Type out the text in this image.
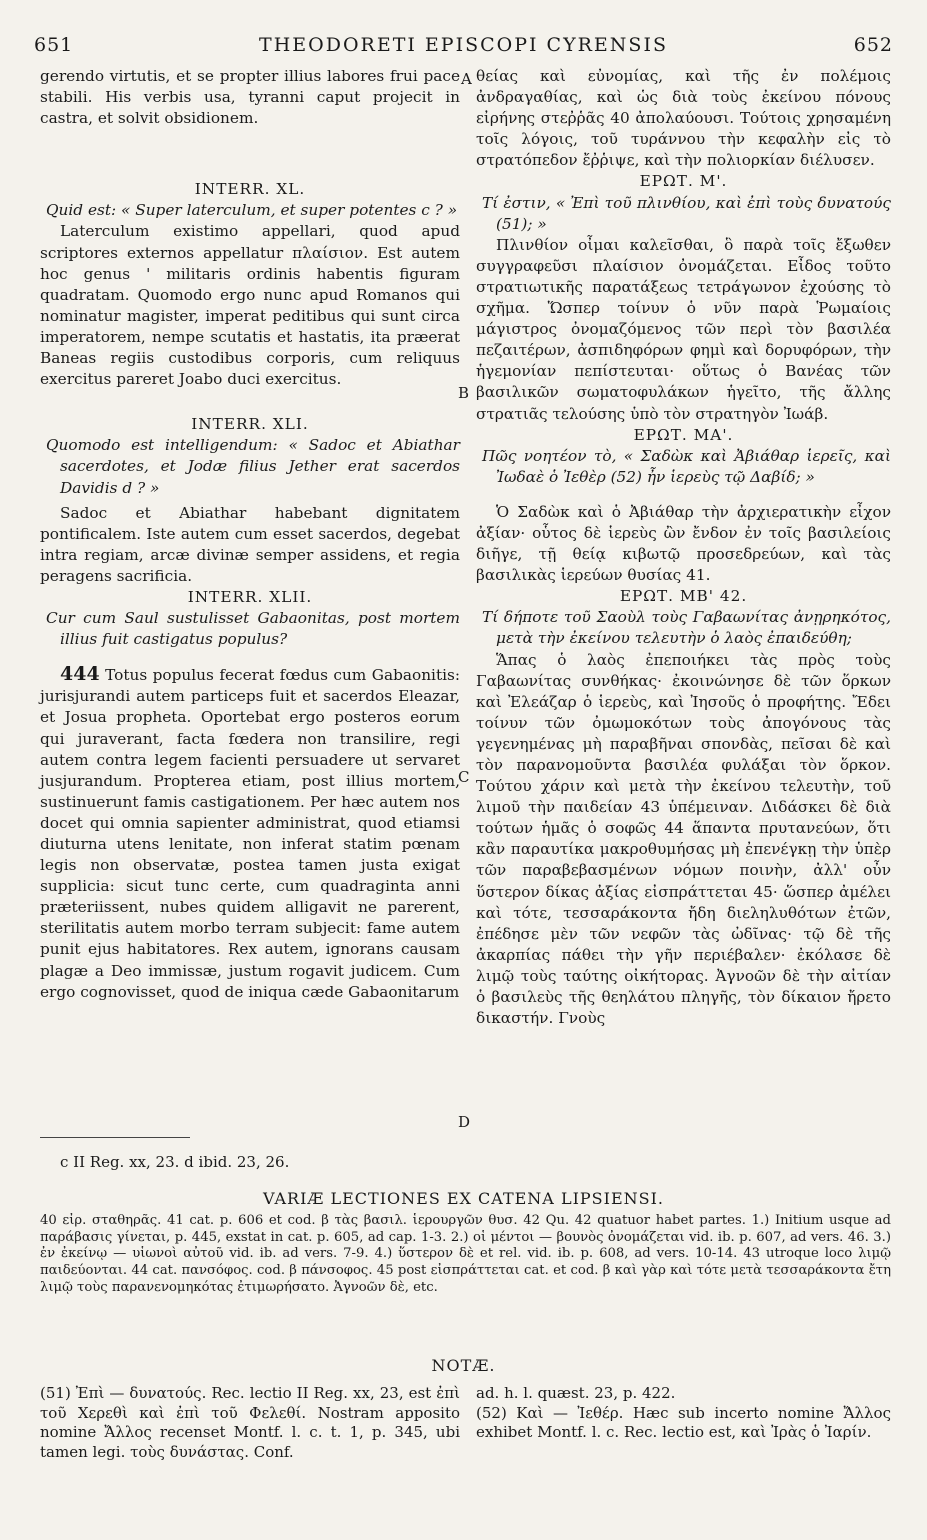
651	THEODORETI EPISCOPI CYRENSIS	652
A
B
C
D

gerendo virtutis, et se propter illius labores frui pace stabili. His verbis usa, tyranni caput projecit in castra, et solvit obsidionem.

INTERR. XL.

Quid est: « Super laterculum, et super potentes c ? »

Laterculum existimo appellari, quod apud scriptores externos appellatur πλαίσιον. Est autem hoc genus ' militaris ordinis habentis figuram quadratam. Quomodo ergo nunc apud Romanos qui nominatur magister, imperat peditibus qui sunt circa imperatorem, nempe scutatis et hastatis, ita præerat Baneas regiis custodibus corporis, cum reliquus exercitus pareret Joabo duci exercitus.

INTERR. XLI.

Quomodo est intelligendum: « Sadoc et Abiathar sacerdotes, et Jodæ filius Jether erat sacerdos Davidis d ? »

Sadoc et Abiathar habebant dignitatem pontificalem. Iste autem cum esset sacerdos, degebat intra regiam, arcæ divinæ semper assidens, et regia peragens sacrificia.

INTERR. XLII.

Cur cum Saul sustulisset Gabaonitas, post mortem illius fuit castigatus populus?

444 Totus populus fecerat fœdus cum Gabaonitis: jurisjurandi autem particeps fuit et sacerdos Eleazar, et Josua propheta. Oportebat ergo posteros eorum qui juraverant, facta fœdera non transilire, regi autem contra legem facienti persuadere ut servaret jusjurandum. Propterea etiam, post illius mortem, sustinuerunt famis castigationem. Per hæc autem nos docet qui omnia sapienter administrat, quod etiamsi diuturna utens lenitate, non inferat statim pœnam legis non observatæ, postea tamen justa exigat supplicia: sicut tunc certe, cum quadraginta anni præteriissent, nubes quidem alligavit ne parerent, sterilitatis autem morbo terram subjecit: fame autem punit ejus habitatores. Rex autem, ignorans causam plagæ a Deo immissæ, justum rogavit judicem. Cum ergo cognovisset, quod de iniqua cæde Gabaonitarum

θείας καὶ εὐνομίας, καὶ τῆς ἐν πολέμοις ἀνδραγαθίας, καὶ ὡς διὰ τοὺς ἐκείνου πόνους εἰρήνης στεῤῥᾶς 40 ἀπολαύουσι. Τούτοις χρησαμένη τοῖς λόγοις, τοῦ τυράννου τὴν κεφαλὴν εἰς τὸ στρατόπεδον ἔῤῥιψε, καὶ τὴν πολιορκίαν διέλυσεν.

ΕΡΩΤ. Μ'.

Τί ἐστιν, « Ἐπὶ τοῦ πλινθίου, καὶ ἐπὶ τοὺς δυνατούς (51); »

Πλινθίον οἶμαι καλεῖσθαι, ὃ παρὰ τοῖς ἔξωθεν συγγραφεῦσι πλαίσιον ὀνομάζεται. Εἶδος τοῦτο στρατιωτικῆς παρατάξεως τετράγωνον ἐχούσης τὸ σχῆμα. Ὥσπερ τοίνυν ὁ νῦν παρὰ Ῥωμαίοις μάγιστρος ὀνομαζόμενος τῶν περὶ τὸν βασιλέα πεζαιτέρων, ἀσπιδηφόρων φημὶ καὶ δορυφόρων, τὴν ἡγεμονίαν πεπίστευται· οὕτως ὁ Βανέας τῶν βασιλικῶν σωματοφυλάκων ἡγεῖτο, τῆς ἄλλης στρατιᾶς τελούσης ὑπὸ τὸν στρατηγὸν Ἰωάβ.

ΕΡΩΤ. ΜΑ'.

Πῶς νοητέον τὸ, « Σαδὼκ καὶ Ἀβιάθαρ ἱερεῖς, καὶ Ἰωδαὲ ὁ Ἰεθὲρ (52) ἦν ἱερεὺς τῷ Δαβίδ; »

Ὁ Σαδὼκ καὶ ὁ Ἀβιάθαρ τὴν ἀρχιερατικὴν εἶχον ἀξίαν· οὗτος δὲ ἱερεὺς ὢν ἔνδον ἐν τοῖς βασιλείοις διῆγε, τῇ θείᾳ κιβωτῷ προσεδρεύων, καὶ τὰς βασιλικὰς ἱερεύων θυσίας 41.

ΕΡΩΤ. ΜΒ' 42.

Τί δήποτε τοῦ Σαοὺλ τοὺς Γαβαωνίτας ἀνῃρηκότος, μετὰ τὴν ἐκείνου τελευτὴν ὁ λαὸς ἐπαιδεύθη;

Ἅπας ὁ λαὸς ἐπεποιήκει τὰς πρὸς τοὺς Γαβαωνίτας συνθήκας· ἐκοινώνησε δὲ τῶν ὅρκων καὶ Ἐλεάζαρ ὁ ἱερεὺς, καὶ Ἰησοῦς ὁ προφήτης. Ἔδει τοίνυν τῶν ὀμωμοκότων τοὺς ἀπογόνους τὰς γεγενημένας μὴ παραβῆναι σπονδὰς, πεῖσαι δὲ καὶ τὸν παρανομοῦντα βασιλέα φυλάξαι τὸν ὅρκον. Τούτου χάριν καὶ μετὰ τὴν ἐκείνου τελευτὴν, τοῦ λιμοῦ τὴν παιδείαν 43 ὑπέμειναν. Διδάσκει δὲ διὰ τούτων ἡμᾶς ὁ σοφῶς 44 ἅπαντα πρυτανεύων, ὅτι κἂν παραυτίκα μακροθυμήσας μὴ ἐπενέγκῃ τὴν ὑπὲρ τῶν παραβεβασμένων νόμων ποινὴν, ἀλλ' οὖν ὕστερον δίκας ἀξίας εἰσπράττεται 45· ὥσπερ ἀμέλει καὶ τότε, τεσσαράκοντα ἤδη διεληλυθότων ἐτῶν, ἐπέδησε μὲν τῶν νεφῶν τὰς ὠδῖνας· τῷ δὲ τῆς ἀκαρπίας πάθει τὴν γῆν περιέβαλεν· ἐκόλασε δὲ λιμῷ τοὺς ταύτης οἰκήτορας. Ἀγνοῶν δὲ τὴν αἰτίαν ὁ βασιλεὺς τῆς θεηλάτου πληγῆς, τὸν δίκαιον ἤρετο δικαστήν. Γνοὺς

c II Reg. xx, 23. d ibid. 23, 26.
VARIÆ LECTIONES EX CATENA LIPSIENSI.

40 εἰρ. σταθηρᾶς. 41 cat. p. 606 et cod. β τὰς βασιλ. ἱερουργῶν θυσ. 42 Qu. 42 quatuor habet partes. 1.) Initium usque ad παράβασις γίνεται, p. 445, exstat in cat. p. 605, ad cap. 1-3. 2.) οἱ μέντοι — βουνὸς ὀνομάζεται vid. ib. p. 607, ad vers. 46. 3.) ἐν ἐκείνῳ — υἱωνοὶ αὐτοῦ vid. ib. ad vers. 7-9. 4.) ὕστερον δὲ et rel. vid. ib. p. 608, ad vers. 10-14. 43 utroque loco λιμῷ παιδεύονται. 44 cat. πανσόφος. cod. β πάνσοφος. 45 post εἰσπράττεται cat. et cod. β καὶ γὰρ καὶ τότε μετὰ τεσσαράκοντα ἔτη λιμῷ τοὺς παρανενομηκότας ἐτιμωρήσατο. Ἀγνοῶν δὲ, etc.

NOTÆ.

(51) Ἐπὶ — δυνατούς. Rec. lectio II Reg. xx, 23, est ἐπὶ τοῦ Χερεθὶ καὶ ἐπὶ τοῦ Φελεθί. Nostram apposito nomine Ἄλλος recenset Montf. l. c. t. 1, p. 345, ubi tamen legi. τοὺς δυνάστας. Conf.

ad. h. l. quæst. 23, p. 422.

(52) Καὶ — Ἰεθέρ. Hæc sub incerto nomine Ἄλλος exhibet Montf. l. c. Rec. lectio est, καὶ Ἰρὰς ὁ Ἰαρίν.
